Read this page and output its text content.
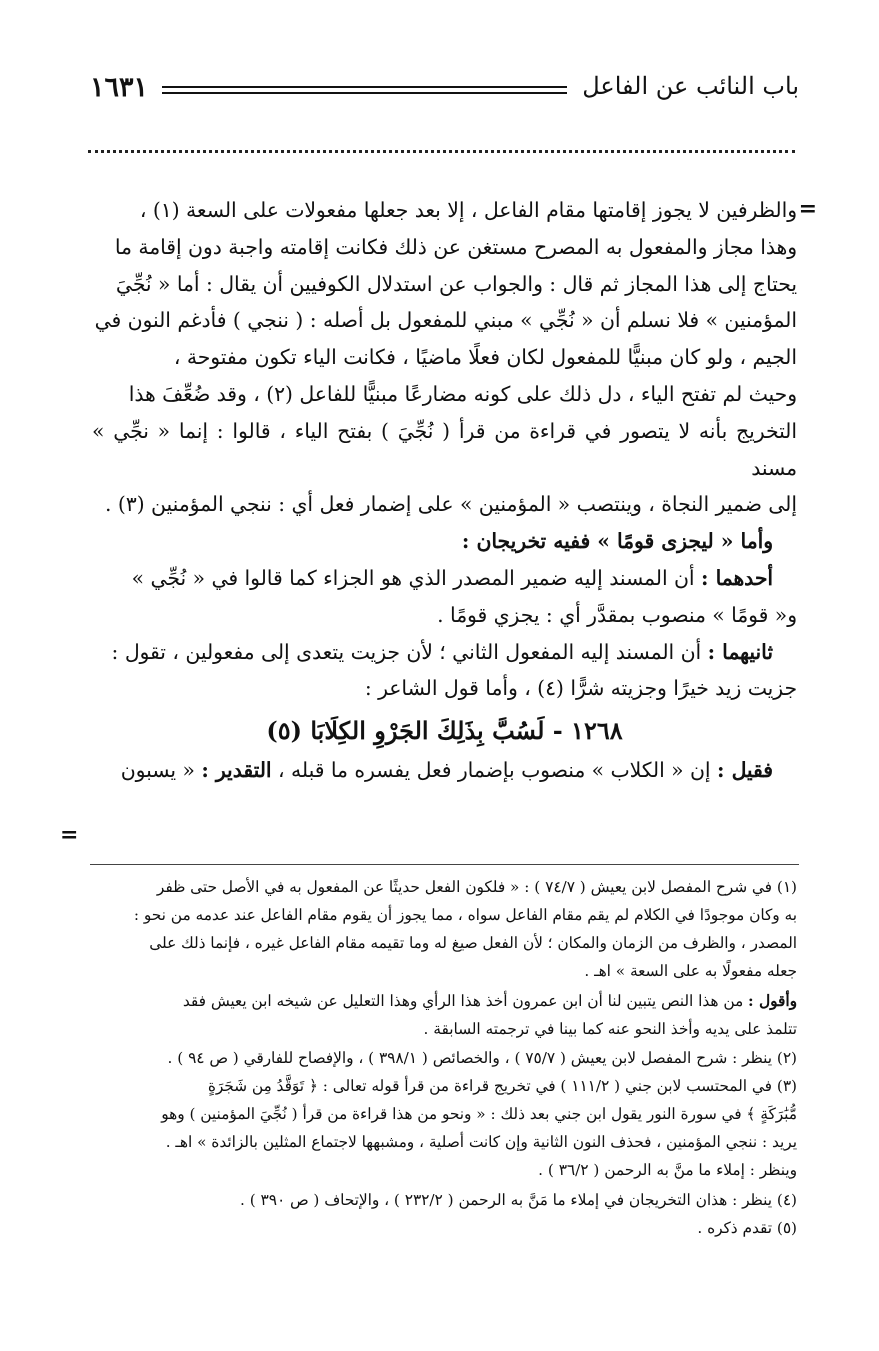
باب النائب عن الفاعل
١٦٣١
=

والظرفين لا يجوز إقامتها مقام الفاعل ، إلا بعد جعلها مفعولات على السعة (١) ،

وهذا مجاز والمفعول به المصرح مستغن عن ذلك فكانت إقامته واجبة دون إقامة ما

يحتاج إلى هذا المجاز ثم قال : والجواب عن استدلال الكوفيين أن يقال : أما « نُجِّيَ

المؤمنين » فلا نسلم أن « نُجِّي » مبني للمفعول بل أصله : ( ننجي ) فأدغم النون في

الجيم ، ولو كان مبنيًّا للمفعول لكان فعلًا ماضيًا ، فكانت الياء تكون مفتوحة ،

وحيث لم تفتح الياء ، دل ذلك على كونه مضارعًا مبنيًّا للفاعل (٢) ، وقد ضُعِّفَ هذا

التخريج بأنه لا يتصور في قراءة من قرأ ( نُجِّيَ ) بفتح الياء ، قالوا : إنما « نجِّي » مسند

إلى ضمير النجاة ، وينتصب « المؤمنين » على إضمار فعل أي : ننجي المؤمنين (٣) .

وأما « ليجزى قومًا » ففيه تخريجان :

أحدهما : أن المسند إليه ضمير المصدر الذي هو الجزاء كما قالوا في « نُجِّي »

و« قومًا » منصوب بمقدَّر أي : يجزي قومًا .

ثانيهما : أن المسند إليه المفعول الثاني ؛ لأن جزيت يتعدى إلى مفعولين ، تقول :

جزيت زيد خيرًا وجزيته شرًّا (٤) ، وأما قول الشاعر :

١٢٦٨ - لَسُبَّ بِذَلِكَ الجَرْوِ الكِلَابَا (٥)

فقيل : إن « الكلاب » منصوب بإضمار فعل يفسره ما قبله ، التقدير : « يسبون

=

(١) في شرح المفصل لابن يعيش ( ٧٤/٧ ) : « فلكون الفعل حديثًا عن المفعول به في الأصل حتى ظفر

به وكان موجودًا في الكلام لم يقم مقام الفاعل سواه ، مما يجوز أن يقوم مقام الفاعل عند عدمه من نحو :

المصدر ، والظرف من الزمان والمكان ؛ لأن الفعل صيغ له وما تقيمه مقام الفاعل غيره ، فإنما ذلك على

جعله مفعولًا به على السعة » اهـ .

وأقول : من هذا النص يتبين لنا أن ابن عمرون أخذ هذا الرأي وهذا التعليل عن شيخه ابن يعيش فقد

تتلمذ على يديه وأخذ النحو عنه كما بينا في ترجمته السابقة .

(٢) ينظر : شرح المفصل لابن يعيش ( ٧٥/٧ ) ، والخصائص ( ٣٩٨/١ ) ، والإفصاح للفارقي ( ص ٩٤ ) .

(٣) في المحتسب لابن جني ( ١١١/٢ ) في تخريج قراءة من قرأ قوله تعالى : ﴿ تَوَقَّدُ مِن شَجَرَةٍ

مُّبَٰرَكَةٍ ﴾ في سورة النور يقول ابن جني بعد ذلك : « ونحو من هذا قراءة من قرأ ( نُجِّيَ المؤمنين ) وهو

يريد : ننجي المؤمنين ، فحذف النون الثانية وإن كانت أصلية ، ومشبهها لاجتماع المثلين بالزائدة » اهـ .

وينظر : إملاء ما منَّ به الرحمن ( ٣٦/٢ ) .

(٤) ينظر : هذان التخريجان في إملاء ما مَنَّ به الرحمن ( ٢٣٢/٢ ) ، والإتحاف ( ص ٣٩٠ ) .

(٥) تقدم ذكره .
